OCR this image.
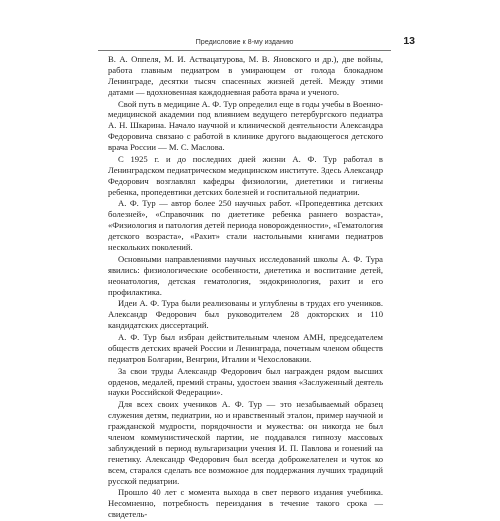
Предисловие к 8-му изданию	13

В. А. Оппеля, М. И. Аствацатурова, М. В. Яновского и др.), две войны, работа главным педиатром в умирающем от голода блокадном Ленинграде, десятки тысяч спасенных жизней детей. Между этими датами — вдохновенная каждодневная работа врача и ученого.

Свой путь в медицине А. Ф. Тур определил еще в годы учебы в Военно-медицинской академии под влиянием ведущего петербургского педиатра А. Н. Шкарина. Начало научной и клинической деятельности Александра Федоровича связано с работой в клинике другого выдающегося детского врача России — М. С. Маслова.

С 1925 г. и до последних дней жизни А. Ф. Тур работал в Ленинградском педиатрическом медицинском институте. Здесь Александр Федорович возглавлял кафедры физиологии, диететики и гигиены ребенка, пропедевтики детских болезней и госпитальной педиатрии.

А. Ф. Тур — автор более 250 научных работ. «Пропедевтика детских болезней», «Справочник по диететике ребенка раннего возраста», «Физиология и патология детей периода новорожденности», «Гематология детского возраста», «Рахит» стали настольными книгами педиатров нескольких поколений.

Основными направлениями научных исследований школы А. Ф. Тура явились: физиологические особенности, диететика и воспитание детей, неонатология, детская гематология, эндокринология, рахит и его профилактика.

Идеи А. Ф. Тура были реализованы и углублены в трудах его учеников. Александр Федорович был руководителем 28 докторских и 110 кандидатских диссертаций.

А. Ф. Тур был избран действительным членом АМН, председателем обществ детских врачей России и Ленинграда, почетным членом обществ педиатров Болгарии, Венгрии, Италии и Чехословакии.

За свои труды Александр Федорович был награжден рядом высших орденов, медалей, премий страны, удостоен звания «Заслуженный деятель науки Российской Федерации».

Для всех своих учеников А. Ф. Тур — это незабываемый образец служения детям, педиатрии, но и нравственный эталон, пример научной и гражданской мудрости, порядочности и мужества: он никогда не был членом коммунистической партии, не поддавался гипнозу массовых заблуждений в период вульгаризации учения И. П. Павлова и гонений на генетику. Александр Федорович был всегда доброжелателен и чуток ко всем, старался сделать все возможное для поддержания лучших традиций русской педиатрии.

Прошло 40 лет с момента выхода в свет первого издания учебника. Несомненно, потребность переиздания в течение такого срока — свидетель-
